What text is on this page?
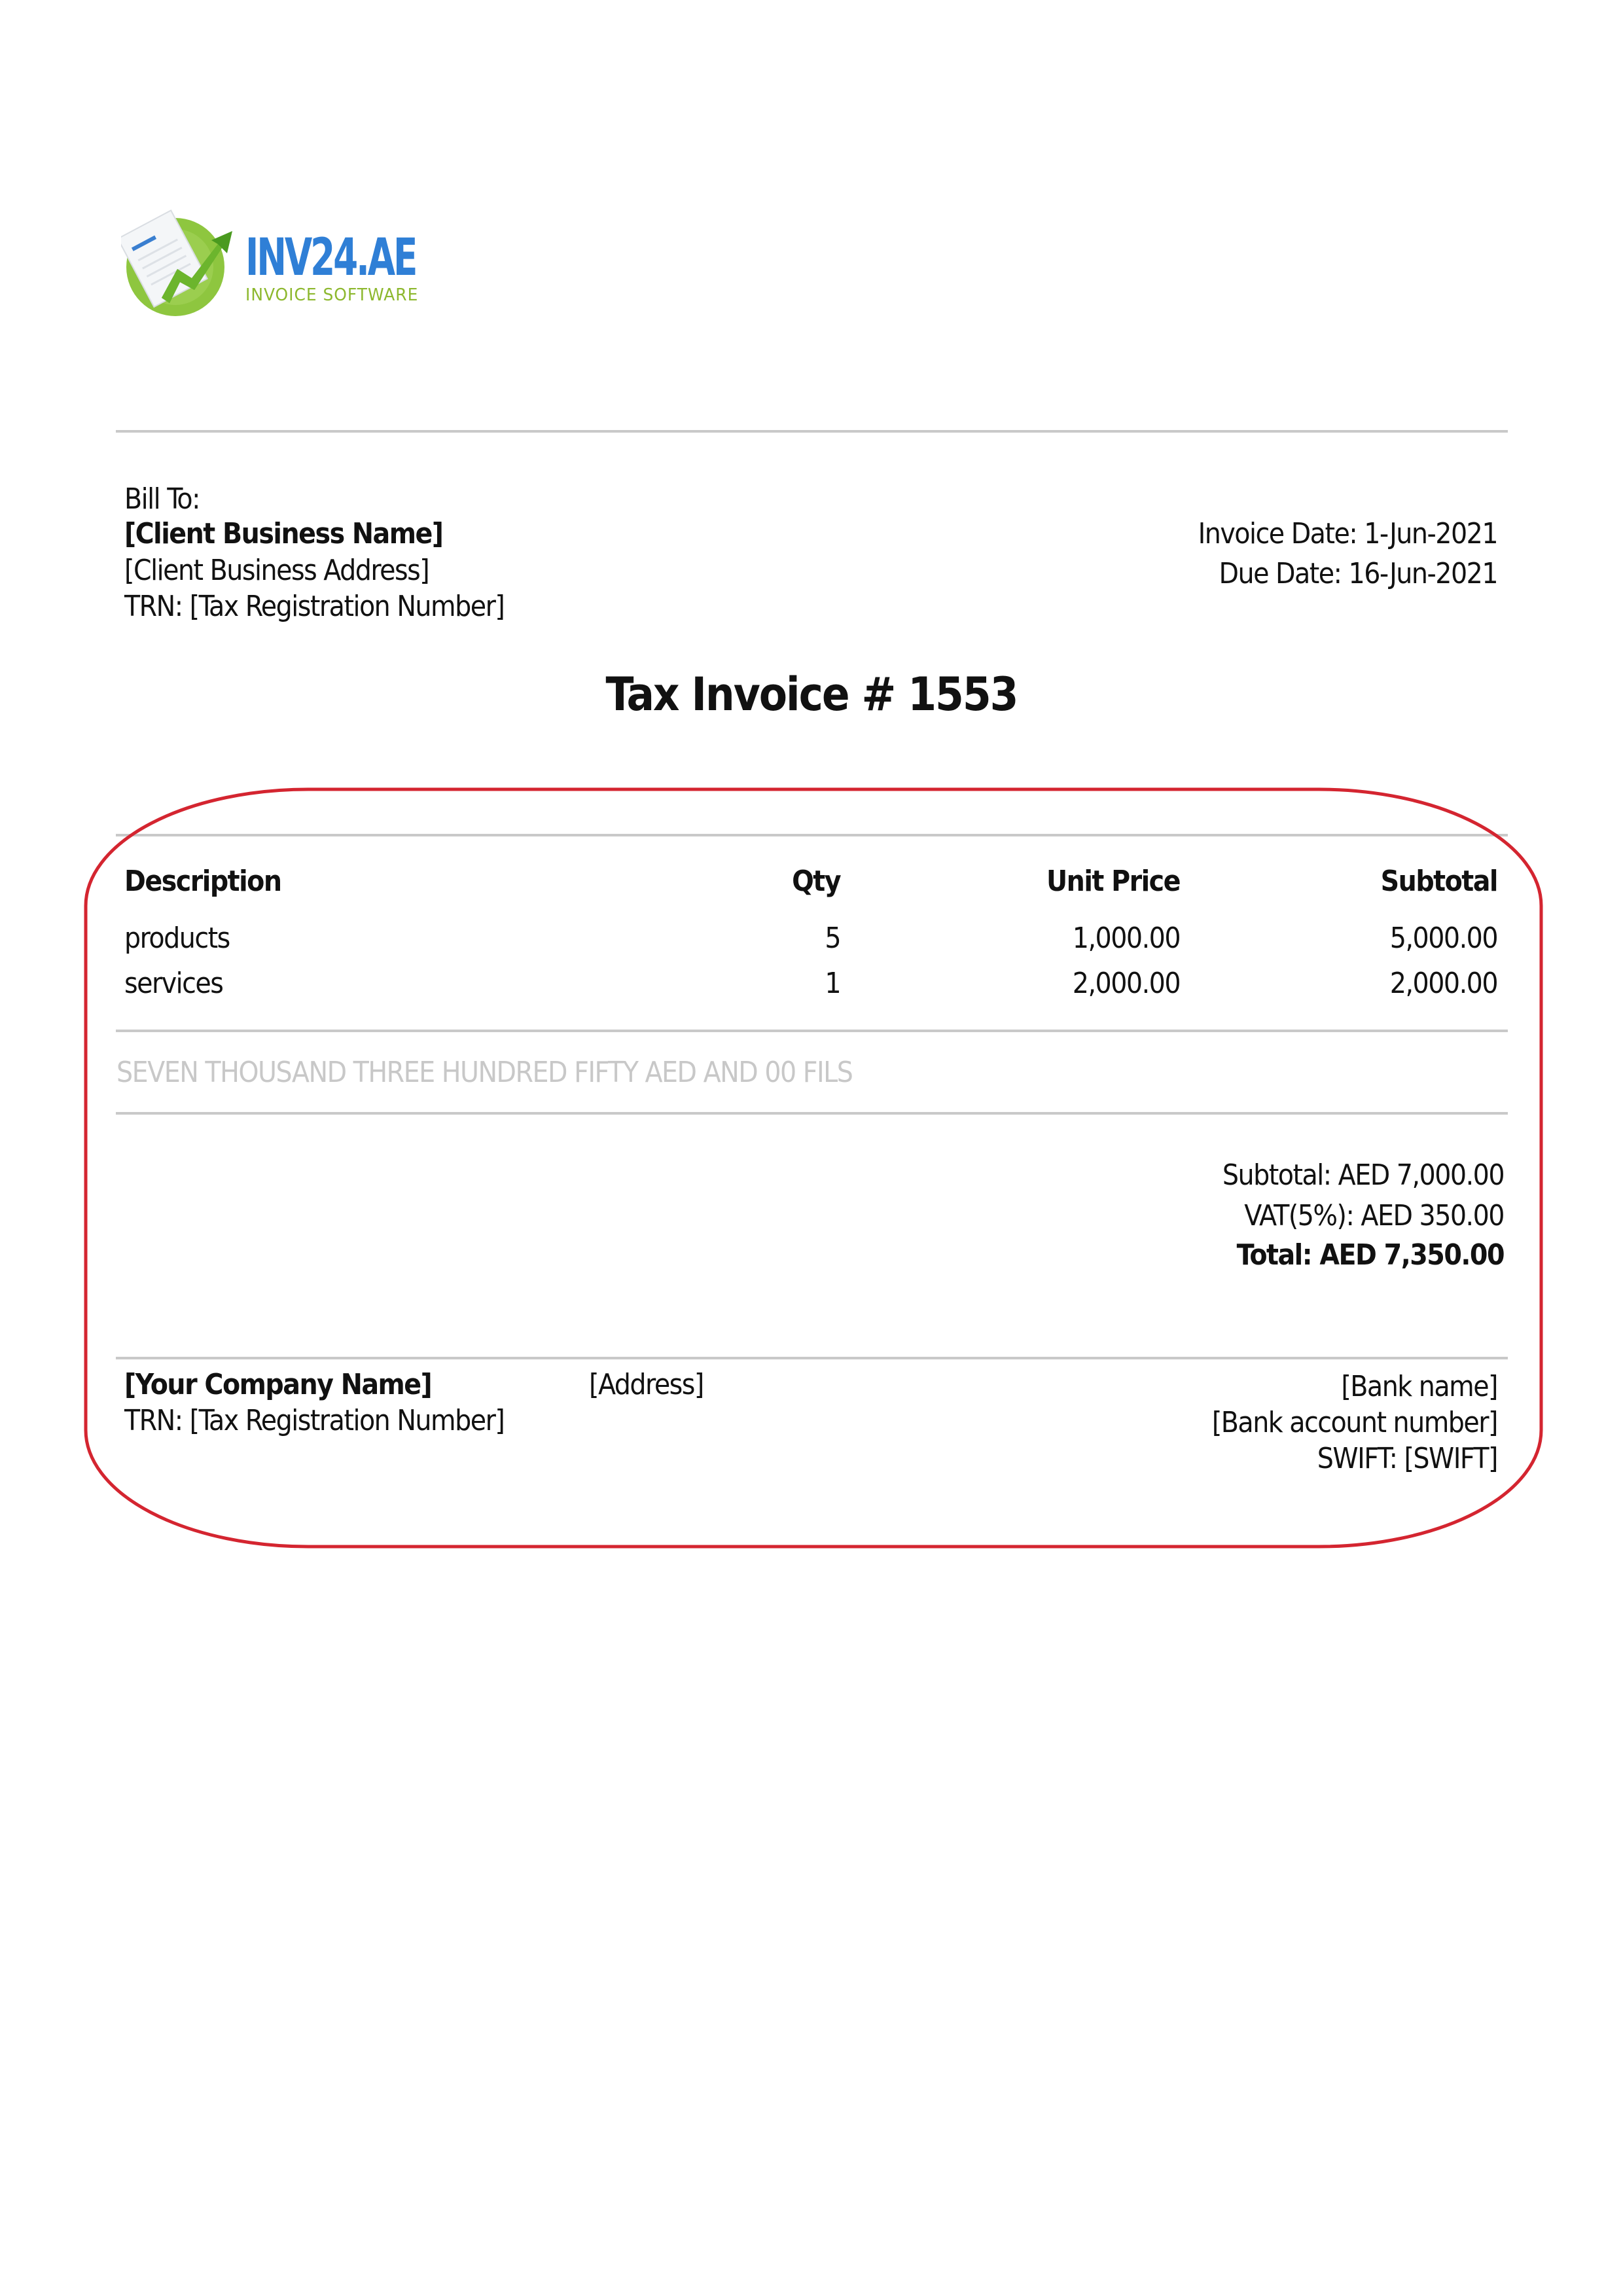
INV24.AE
INVOICE SOFTWARE
Bill To:
[Client Business Name]
[Client Business Address]
TRN: [Tax Registration Number]
Invoice Date: 1-Jun-2021
Due Date: 16-Jun-2021
Tax Invoice # 1553
Description	Qty	Unit Price	Subtotal
products	5	1,000.00	5,000.00
services	1	2,000.00	2,000.00
SEVEN THOUSAND THREE HUNDRED FIFTY AED AND 00 FILS
Subtotal: AED 7,000.00
VAT(5%): AED 350.00
Total: AED 7,350.00
[Your Company Name]
TRN: [Tax Registration Number]
[Address]	[Bank name]
[Bank account number]
SWIFT: [SWIFT]
